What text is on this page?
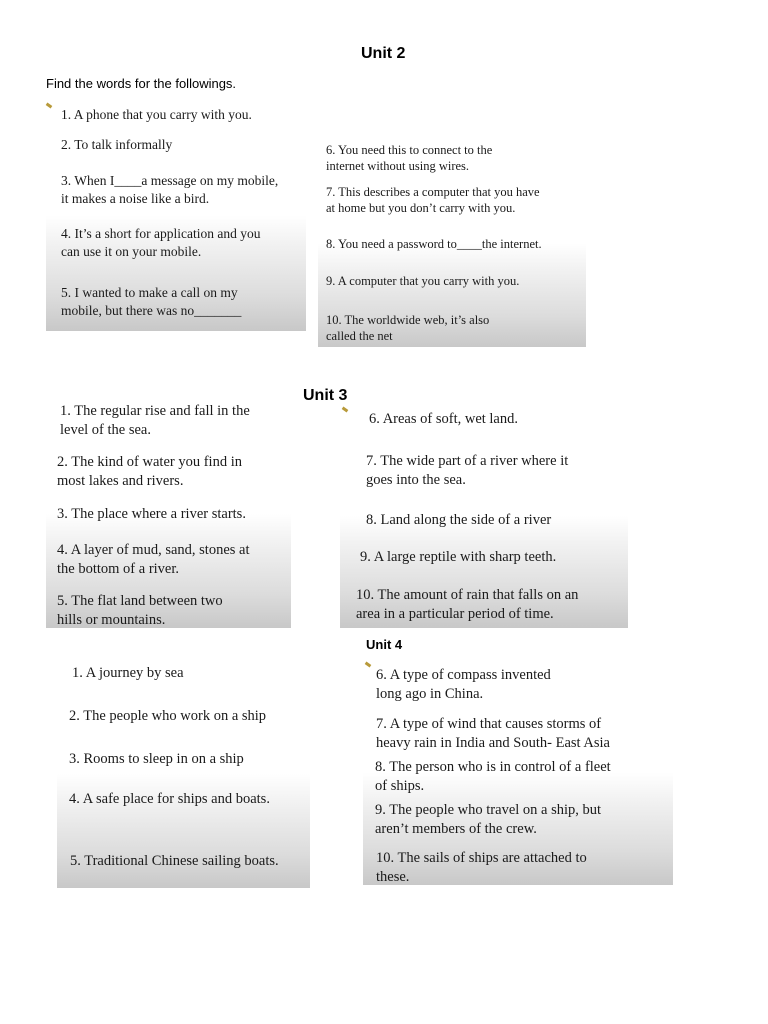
Unit 2
Find the words for the followings.

1. A phone that you carry with you.

2. To talk informally

3. When I____a message on my mobile,
it makes a noise like a bird.

4. It’s a short for application and you
can use it on your mobile.

5. I wanted to make a call on my
mobile, but there was no_______

6. You need this to connect to the
internet without using wires.

7. This describes a computer that you have
at home but you don’t carry with you.

8. You need a password to____the internet.

9. A computer that you carry with you.

10. The worldwide web, it’s also
called the net

Unit 3

1. The regular rise and fall in the
level of the sea.

2. The kind of water you find in
most lakes and rivers.

3. The place where a river starts.

4. A layer of mud, sand, stones at
the bottom of a river.

5. The flat land between two
hills or mountains.

6. Areas of soft, wet land.

7. The wide part of a river where it
goes into the sea.

8. Land along the side of a river

9. A large reptile with sharp teeth.

10. The amount of rain that falls on an
area in a particular period of time.

Unit 4

1. A journey by sea

2. The people who work on a ship

3. Rooms to sleep in on a ship

4. A safe place for ships and boats.

5. Traditional Chinese sailing boats.

6. A type of compass invented
long ago in China.

7. A type of wind that causes storms of
heavy rain in India and South- East Asia

8. The person who is in control of a fleet
of ships.

9. The people who travel on a ship, but
aren’t members of the crew.

10. The sails of ships are attached to
these.
